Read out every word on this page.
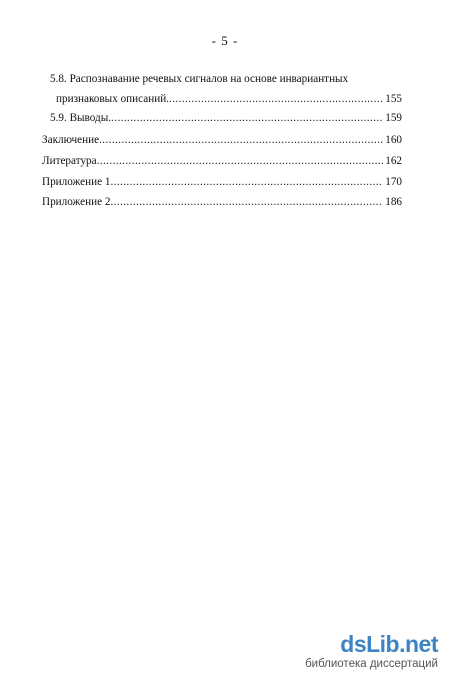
- 5 -
5.8. Распознавание речевых сигналов на основе инвариантных
признаковых описаний. .....	155
5.9. Выводы. .....	159
Заключение .....	160
Литература .....	162
Приложение 1 .....	170
Приложение 2 .....	186
dsLib.net
библиотека диссертаций
